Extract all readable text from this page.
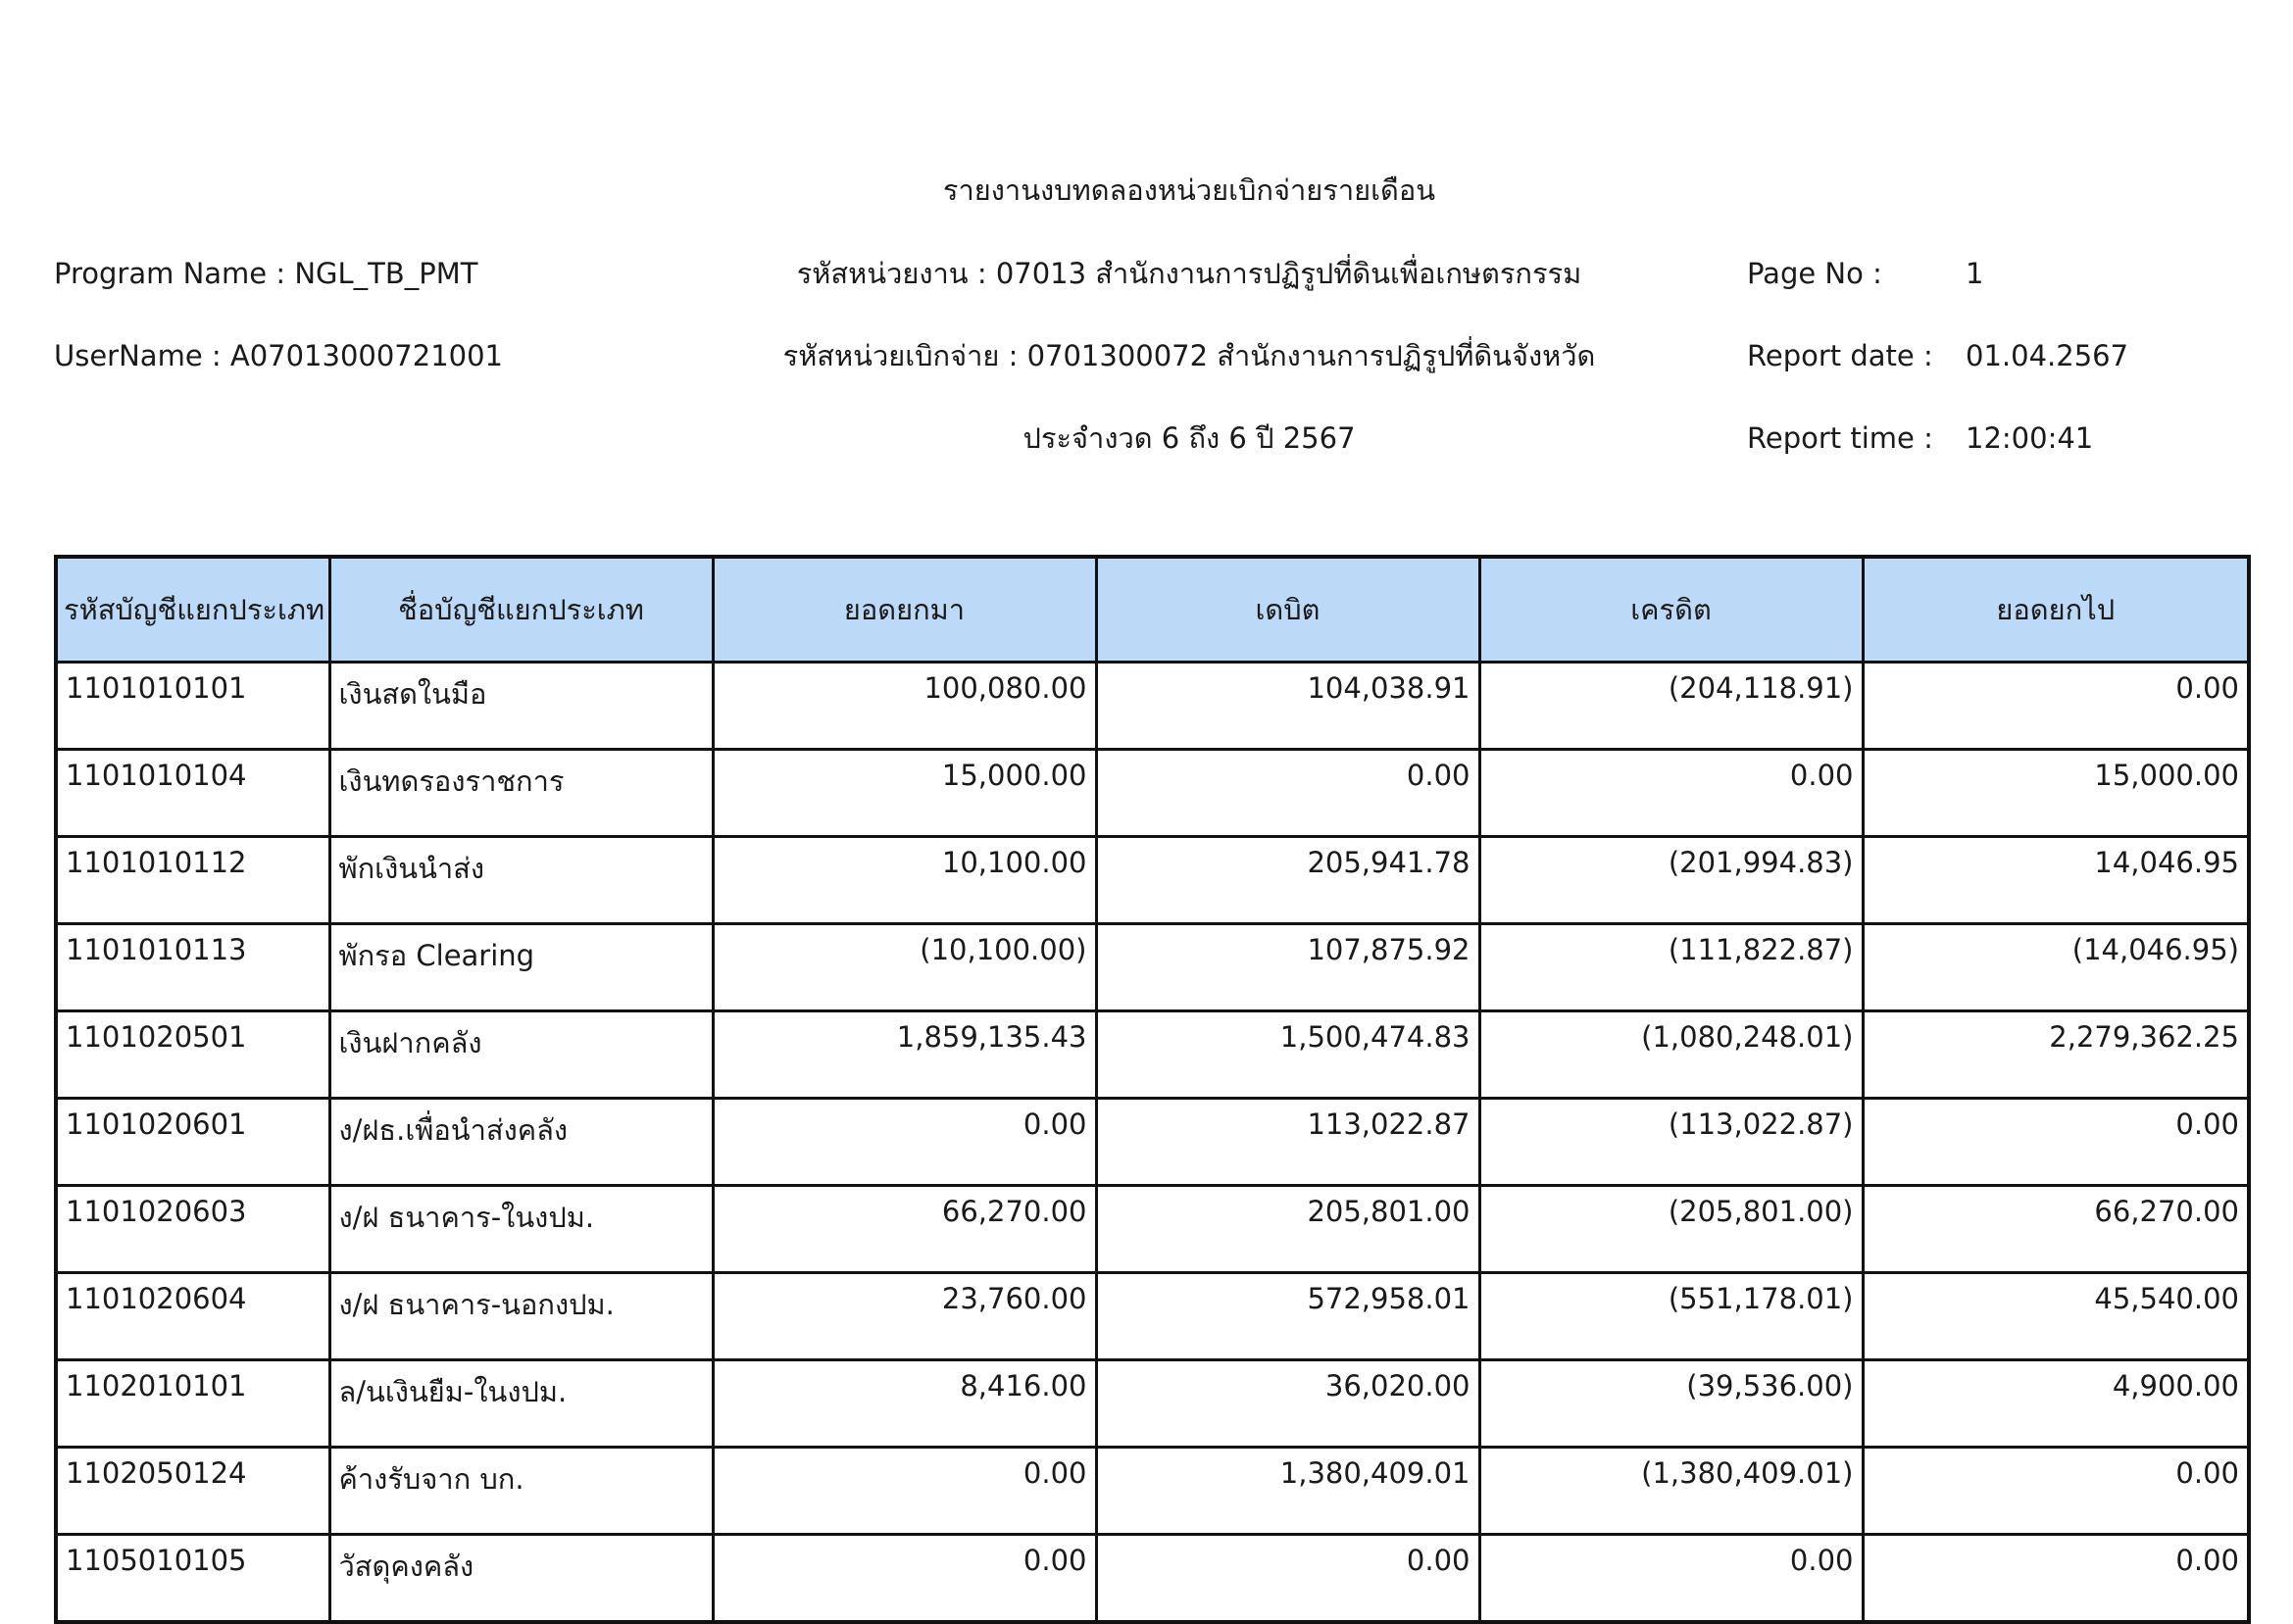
รายงานงบทดลองหน่วยเบิกจ่ายรายเดือน
Program Name : NGL_TB_PMT	รหัสหน่วยงาน : 07013 สำนักงานการปฏิรูปที่ดินเพื่อเกษตรกรรม	Page No :	1
UserName : A07013000721001	รหัสหน่วยเบิกจ่าย : 0701300072 สำนักงานการปฏิรูปที่ดินจังหวัด	Report date : 01.04.2567
ประจำงวด 6 ถึง 6 ปี 2567	Report time : 12:00:41
รหัสบัญชีแยกประเภท	ชื่อบัญชีแยกประเภท	ยอดยกมา	เดบิต	เครดิต	ยอดยกไป
1101010101	เงินสดในมือ	100,080.00	104,038.91	(204,118.91)	0.00
1101010104	เงินทดรองราชการ	15,000.00	0.00	0.00	15,000.00
1101010112	พักเงินนำส่ง	10,100.00	205,941.78	(201,994.83)	14,046.95
1101010113	พักรอ Clearing	(10,100.00)	107,875.92	(111,822.87)	(14,046.95)
1101020501	เงินฝากคลัง	1,859,135.43	1,500,474.83	(1,080,248.01)	2,279,362.25
1101020601	ง/ฝธ.เพื่อนำส่งคลัง	0.00	113,022.87	(113,022.87)	0.00
1101020603	ง/ฝ ธนาคาร-ในงปม.	66,270.00	205,801.00	(205,801.00)	66,270.00
1101020604	ง/ฝ ธนาคาร-นอกงปม.	23,760.00	572,958.01	(551,178.01)	45,540.00
1102010101	ล/นเงินยืม-ในงปม.	8,416.00	36,020.00	(39,536.00)	4,900.00
1102050124	ค้างรับจาก บก.	0.00	1,380,409.01	(1,380,409.01)	0.00
1105010105	วัสดุคงคลัง	0.00	0.00	0.00	0.00
